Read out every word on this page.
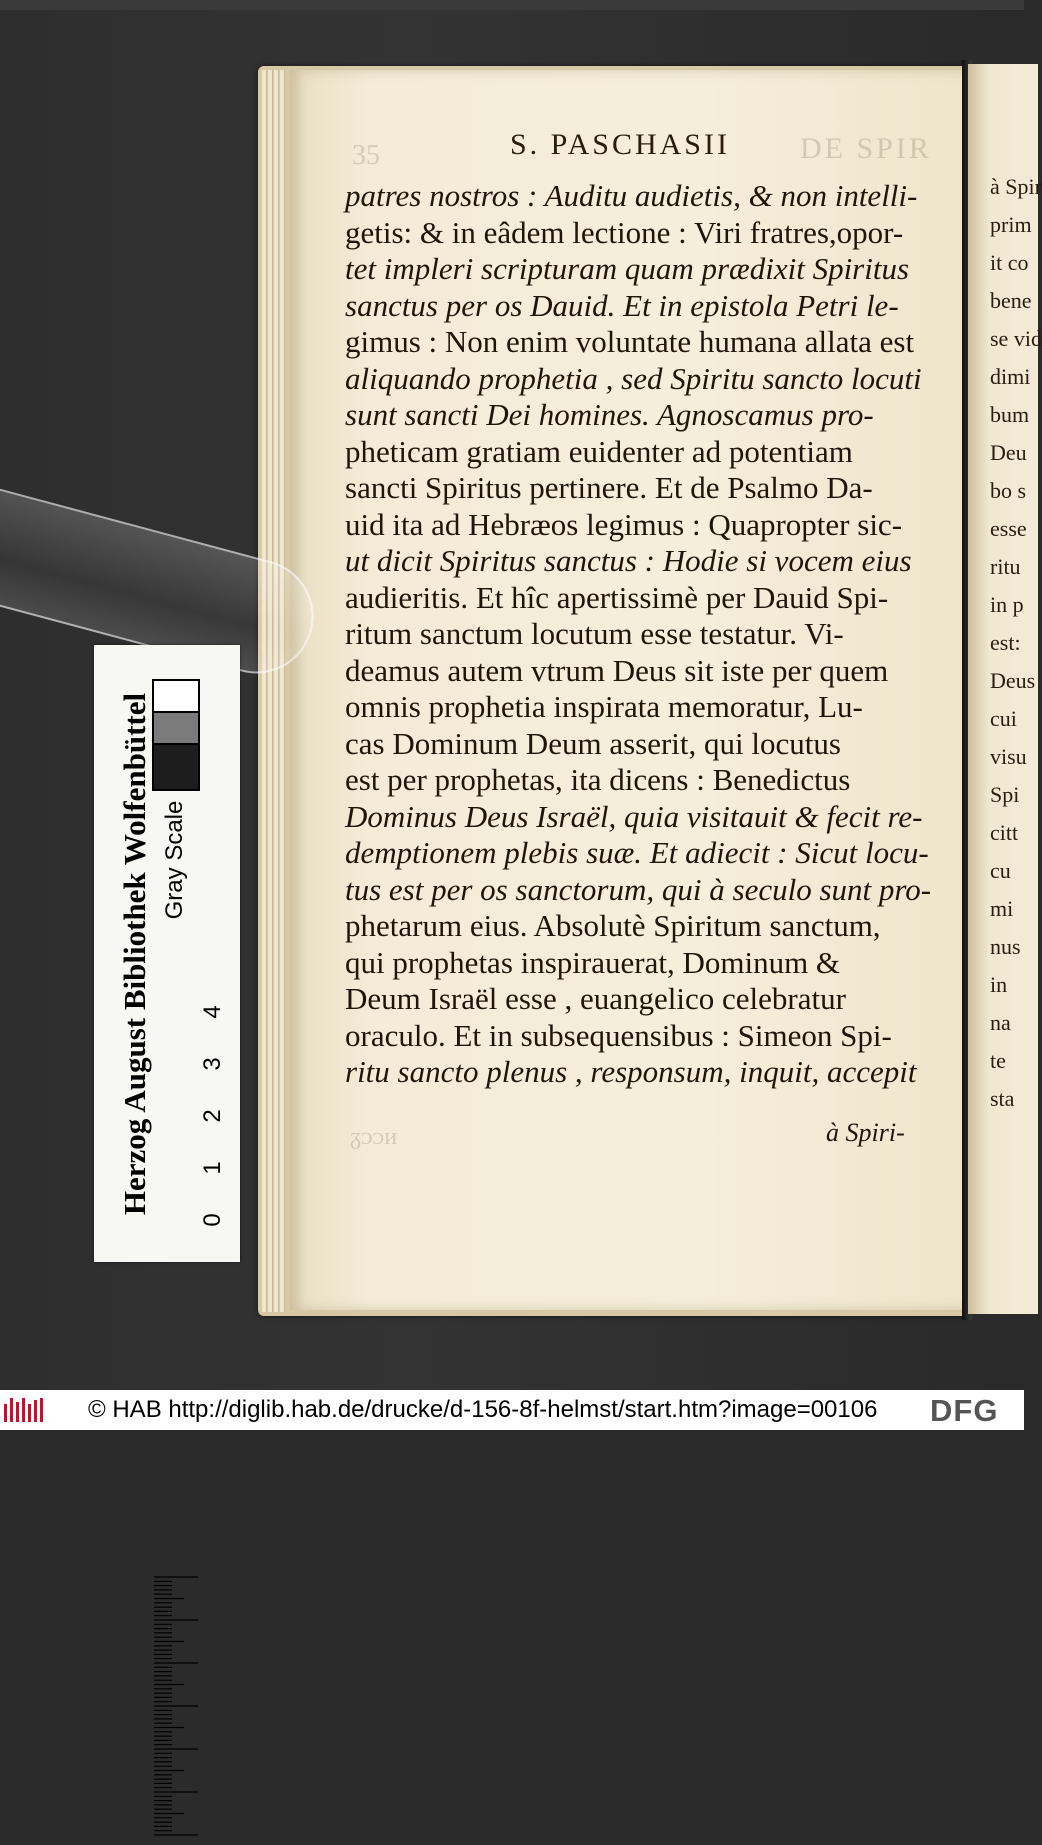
à Spir
prim
it co
bene
se vid
dimi
bum
Deu
bo s
esse
ritu
in p
est:
Deus
cui
visu
Spi
citt
cu
mi
nus
in
na
te
sta
DE SPIR
35
ᵹᴐᴐᴎ
S. PASCHASII
patres nostros : Auditu audietis, & non intelli-
getis: & in eâdem lectione : Viri fratres,opor-
tet impleri scripturam quam prædixit Spiritus
sanctus per os Dauid. Et in epistola Petri le-
gimus : Non enim voluntate humana allata est
aliquando prophetia , sed Spiritu sancto locuti
sunt sancti Dei homines. Agnoscamus pro-
pheticam gratiam euidenter ad potentiam
sancti Spiritus pertinere. Et de Psalmo Da-
uid ita ad Hebræos legimus : Quapropter sic-
ut dicit Spiritus sanctus : Hodie si vocem eius
audieritis. Et hîc apertissimè per Dauid Spi-
ritum sanctum locutum esse testatur. Vi-
deamus autem vtrum Deus sit iste per quem
omnis prophetia inspirata memoratur, Lu-
cas Dominum Deum asserit, qui locutus
est per prophetas, ita dicens : Benedictus
Dominus Deus Israël, quia visitauit & fecit re-
demptionem plebis suæ. Et adiecit : Sicut locu-
tus est per os sanctorum, qui à seculo sunt pro-
phetarum eius. Absolutè Spiritum sanctum,
qui prophetas inspirauerat, Dominum &
Deum Israël esse , euangelico celebratur
oraculo. Et in subsequensibus : Simeon Spi-
ritu sancto plenus , responsum, inquit, accepit
à Spiri-
Herzog August Bibliothek Wolfenbüttel Gray Scale
0
1
2
3
4
© HAB http://diglib.hab.de/drucke/d-156-8f-helmst/start.htm?image=00106 DFG
